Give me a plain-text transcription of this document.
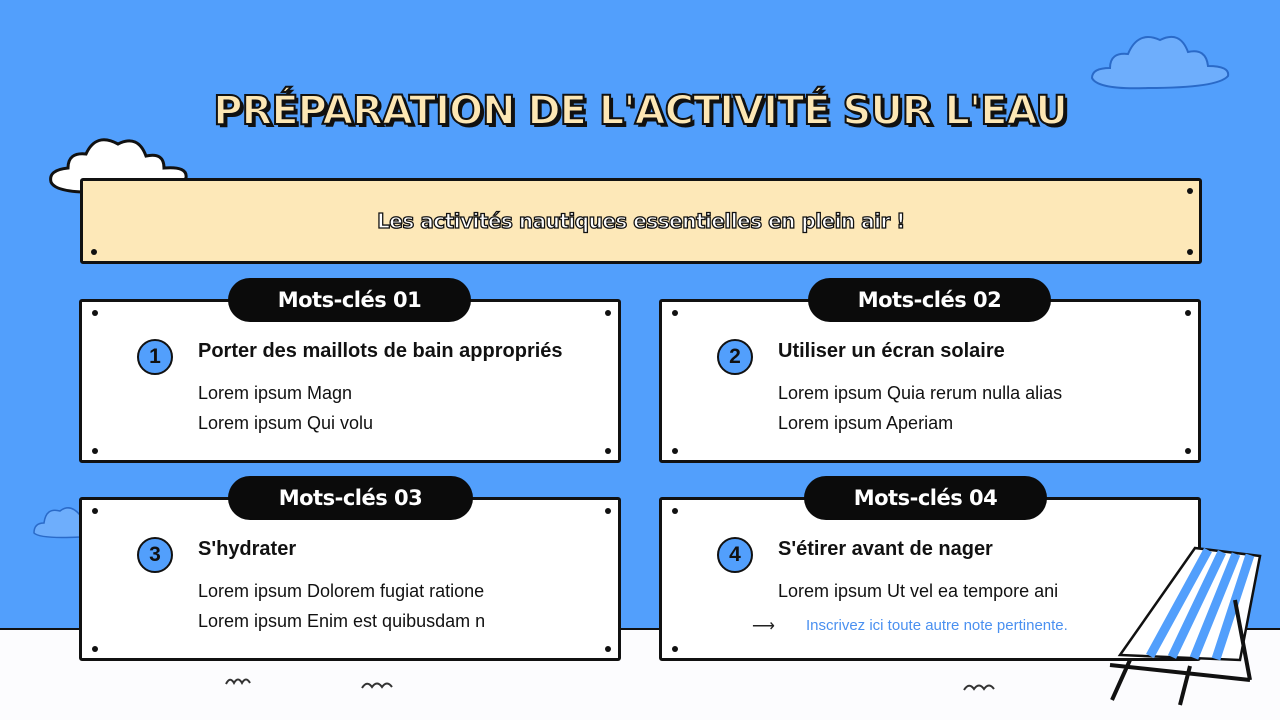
PRÉPARATION DE L'ACTIVITÉ SUR L'EAU
Les activités nautiques essentielles en plein air !
1	Porter des maillots de bain appropriés
Lorem ipsum Magn
Lorem ipsum Qui volu
2	Utiliser un écran solaire
Lorem ipsum Quia rerum nulla alias
Lorem ipsum Aperiam
3	S'hydrater
Lorem ipsum Dolorem fugiat ratione
Lorem ipsum Enim est quibusdam n
4	S'étirer avant de nager
Lorem ipsum Ut vel ea tempore ani
Mots-clés 01	Mots-clés 02
Mots-clés 03	Mots-clés 04
⟶ Inscrivez ici toute autre note pertinente.
